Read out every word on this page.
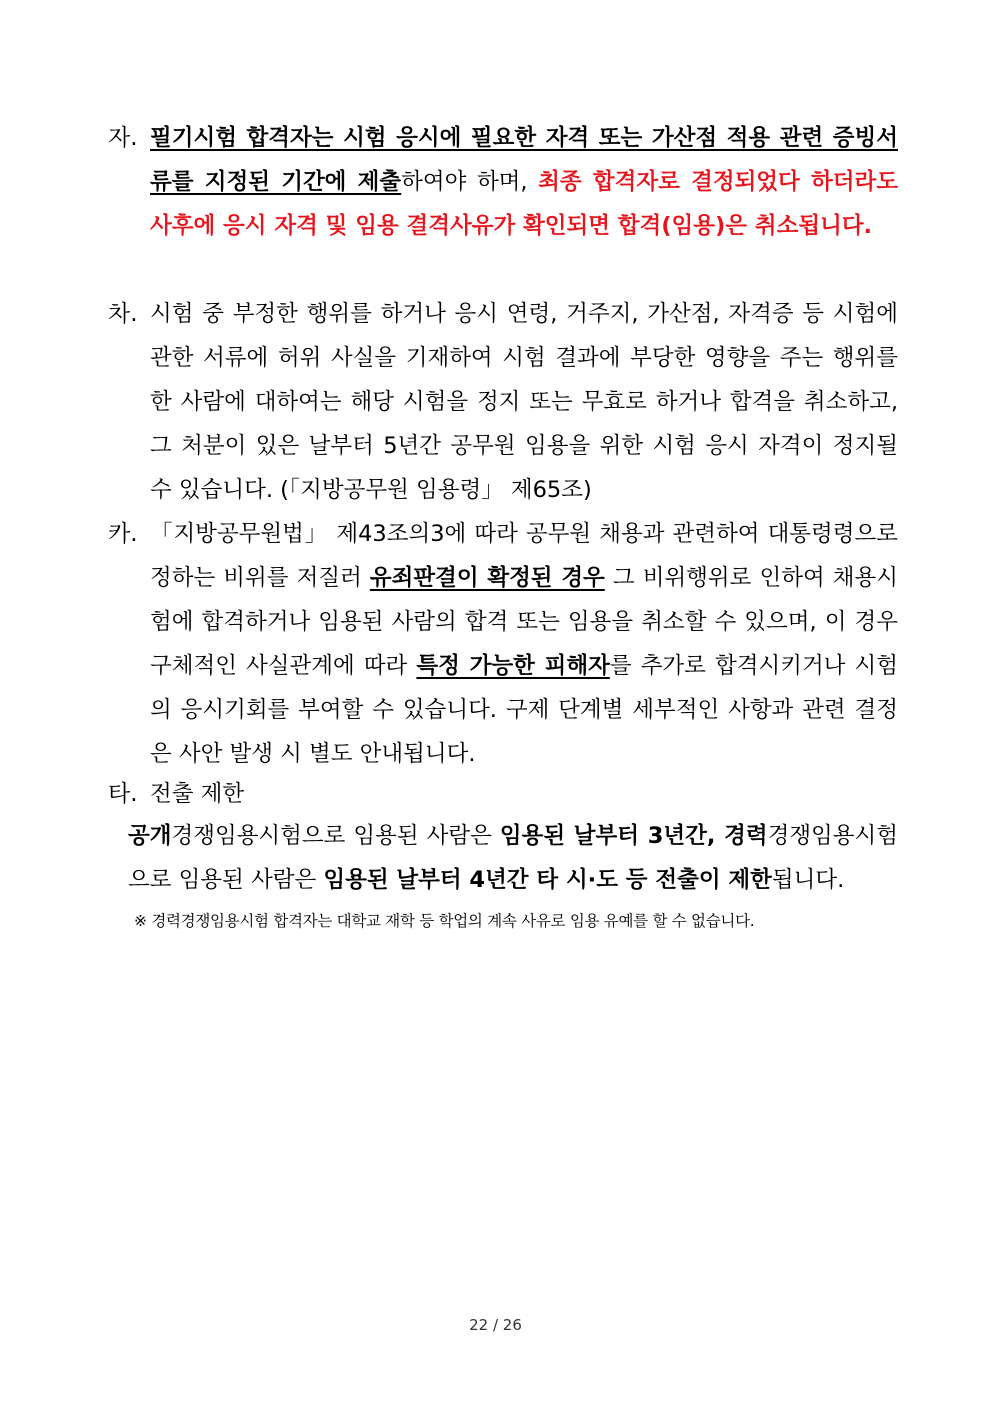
자. 필기시험 합격자는 시험 응시에 필요한 자격 또는 가산점 적용 관련 증빙서류를 지정된 기간에 제출하여야 하며, 최종 합격자로 결정되었다 하더라도 사후에 응시 자격 및 임용 결격사유가 확인되면 합격(임용)은 취소됩니다.
차. 시험 중 부정한 행위를 하거나 응시 연령, 거주지, 가산점, 자격증 등 시험에 관한 서류에 허위 사실을 기재하여 시험 결과에 부당한 영향을 주는 행위를 한 사람에 대하여는 해당 시험을 정지 또는 무효로 하거나 합격을 취소하고, 그 처분이 있은 날부터 5년간 공무원 임용을 위한 시험 응시 자격이 정지될 수 있습니다. (「지방공무원 임용령」 제65조)
카. 「지방공무원법」 제43조의3에 따라 공무원 채용과 관련하여 대통령령으로 정하는 비위를 저질러 유죄판결이 확정된 경우 그 비위행위로 인하여 채용시험에 합격하거나 임용된 사람의 합격 또는 임용을 취소할 수 있으며, 이 경우 구체적인 사실관계에 따라 특정 가능한 피해자를 추가로 합격시키거나 시험의 응시기회를 부여할 수 있습니다. 구제 단계별 세부적인 사항과 관련 결정은 사안 발생 시 별도 안내됩니다.
타. 전출 제한
공개경쟁임용시험으로 임용된 사람은 임용된 날부터 3년간, 경력경쟁임용시험으로 임용된 사람은 임용된 날부터 4년간 타 시·도 등 전출이 제한됩니다.
※ 경력경쟁임용시험 합격자는 대학교 재학 등 학업의 계속 사유로 임용 유예를 할 수 없습니다.
22 / 26
